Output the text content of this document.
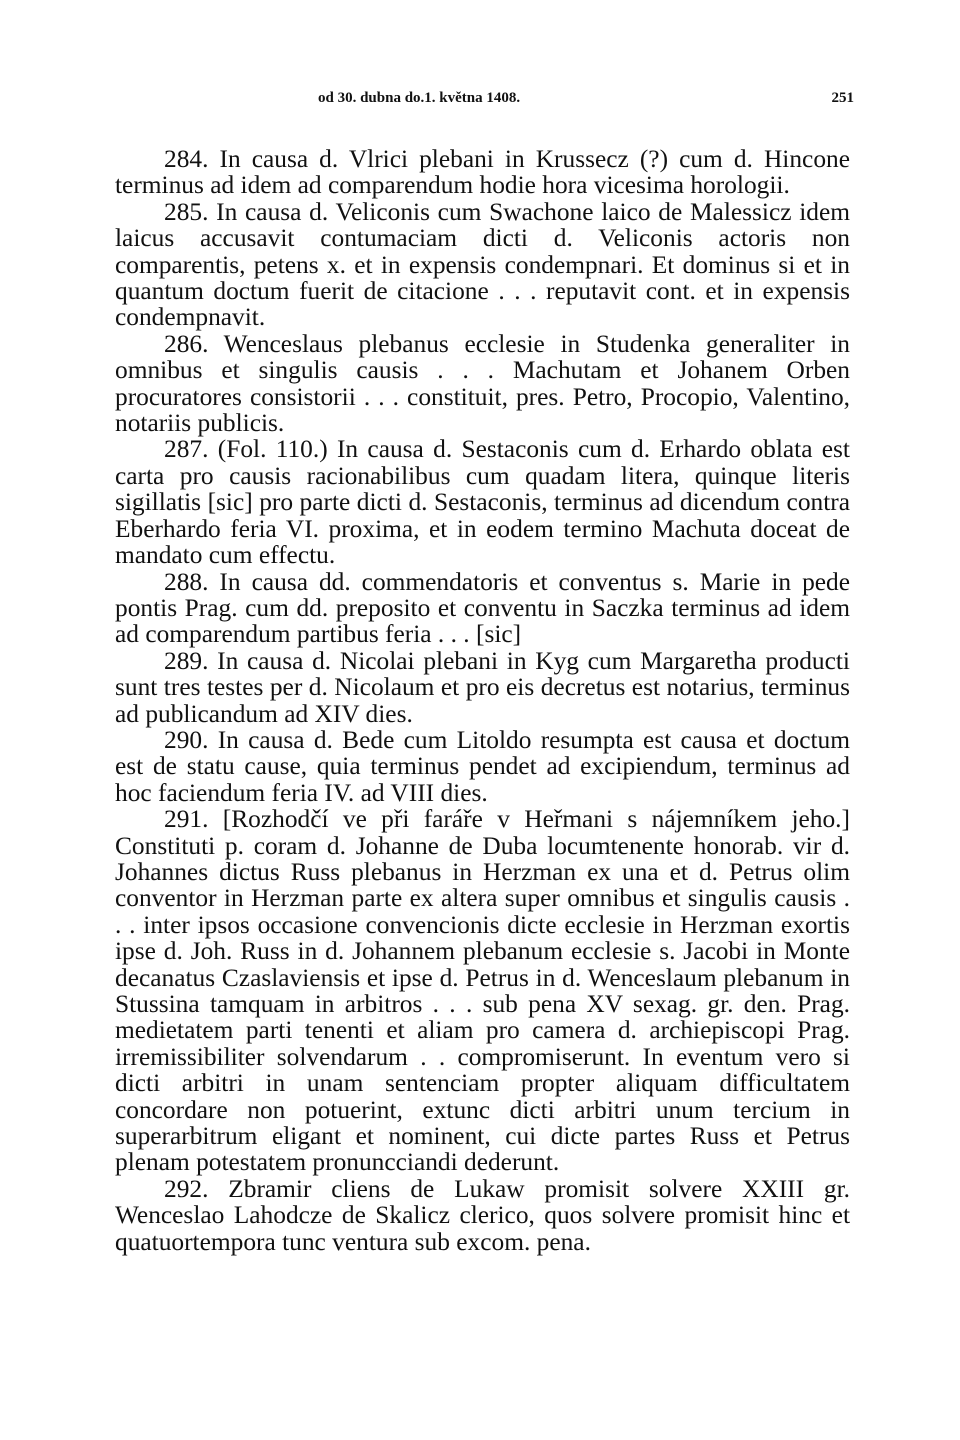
od 30. dubna do.1. května 1408.	251

284. In causa d. Vlrici plebani in Krussecz (?) cum d. Hincone terminus ad idem ad comparendum hodie hora vicesima horologii.

285. In causa d. Veliconis cum Swachone laico de Malessicz idem laicus accusavit contumaciam dicti d. Veliconis actoris non comparentis, petens x. et in expensis condempnari. Et dominus si et in quantum doctum fuerit de citacione . . . reputavit cont. et in expensis condempnavit.

286. Wenceslaus plebanus ecclesie in Studenka generaliter in omnibus et singulis causis . . . Machutam et Johanem Orben procuratores consistorii . . . constituit, pres. Petro, Procopio, Valentino, notariis publicis.

287. (Fol. 110.) In causa d. Sestaconis cum d. Erhardo oblata est carta pro causis racionabilibus cum quadam litera, quinque literis sigillatis [sic] pro parte dicti d. Sestaconis, terminus ad dicendum contra Eberhardo feria VI. proxima, et in eodem termino Machuta doceat de mandato cum effectu.

288. In causa dd. commendatoris et conventus s. Marie in pede pontis Prag. cum dd. preposito et conventu in Saczka terminus ad idem ad comparendum partibus feria . . . [sic]

289. In causa d. Nicolai plebani in Kyg cum Margaretha producti sunt tres testes per d. Nicolaum et pro eis decretus est notarius, terminus ad publicandum ad XIV dies.

290. In causa d. Bede cum Litoldo resumpta est causa et doctum est de statu cause, quia terminus pendet ad excipiendum, terminus ad hoc faciendum feria IV. ad VIII dies.

291. [Rozhodčí ve při faráře v Heřmani s nájemníkem jeho.] Constituti p. coram d. Johanne de Duba locumtenente honorab. vir d. Johannes dictus Russ plebanus in Herzman ex una et d. Petrus olim conventor in Herzman parte ex altera super omnibus et singulis causis . . . inter ipsos occasione convencionis dicte ecclesie in Herzman exortis ipse d. Joh. Russ in d. Johannem plebanum ecclesie s. Jacobi in Monte decanatus Czaslaviensis et ipse d. Petrus in d. Wenceslaum plebanum in Stussina tamquam in arbitros . . . sub pena XV sexag. gr. den. Prag. medietatem parti tenenti et aliam pro camera d. archiepiscopi Prag. irremissibiliter solvendarum . . compromiserunt. In eventum vero si dicti arbitri in unam sentenciam propter aliquam difficultatem concordare non potuerint, extunc dicti arbitri unum tercium in superarbitrum eligant et nominent, cui dicte partes Russ et Petrus plenam potestatem pronuncciandi dederunt.

292. Zbramir cliens de Lukaw promisit solvere XXIII gr. Wenceslao Lahodcze de Skalicz clerico, quos solvere promisit hinc et quatuortempora tunc ventura sub excom. pena.
